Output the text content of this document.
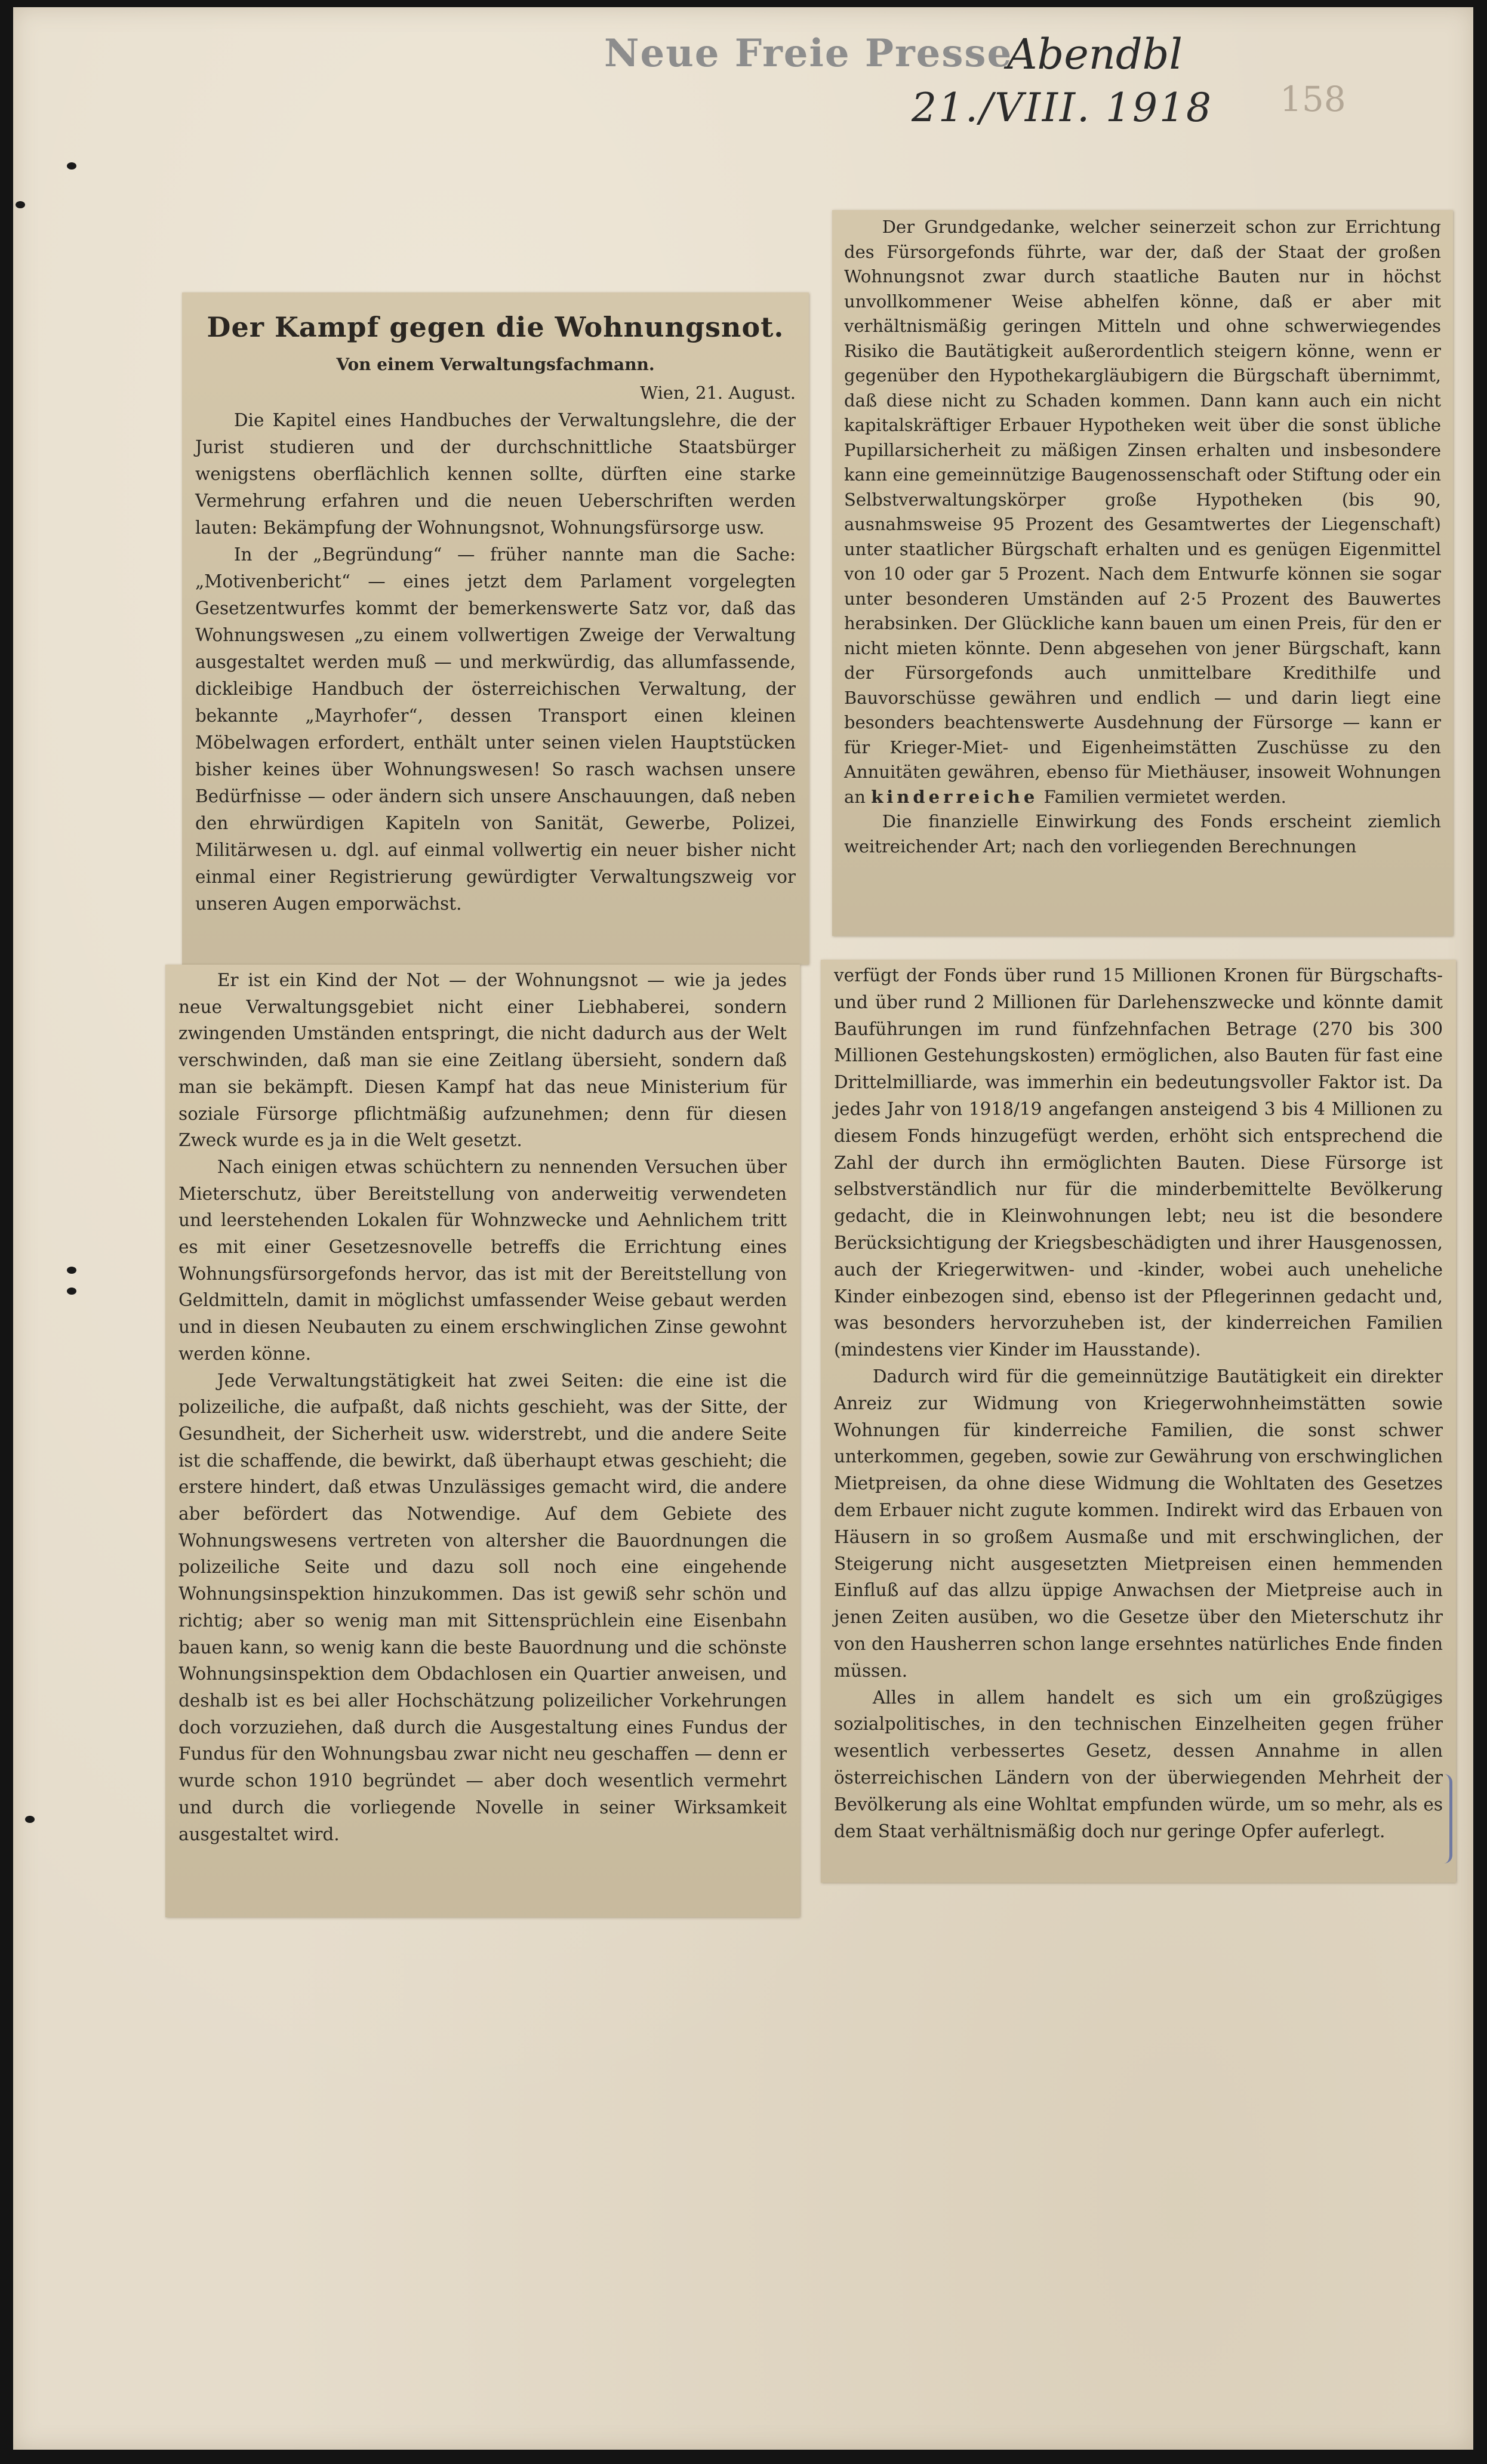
Neue Freie Presse
Abendbl
21./VIII. 1918 158
Der Kampf gegen die Wohnungsnot.
Von einem Verwaltungsfachmann.
Wien, 21. August.

Die Kapitel eines Handbuches der Verwaltungslehre, die der Jurist studieren und der durchschnittliche Staatsbürger wenigstens oberflächlich kennen sollte, dürften eine starke Vermehrung erfahren und die neuen Ueberschriften werden lauten: Bekämpfung der Wohnungsnot, Wohnungsfürsorge usw.

In der „Begründung“ — früher nannte man die Sache: „Motivenbericht“ — eines jetzt dem Parlament vorgelegten Gesetzentwurfes kommt der bemerkenswerte Satz vor, daß das Wohnungswesen „zu einem vollwertigen Zweige der Verwaltung ausgestaltet werden muß — und merkwürdig, das allumfassende, dickleibige Handbuch der österreichischen Verwaltung, der bekannte „Mayrhofer“, dessen Transport einen kleinen Möbelwagen erfordert, enthält unter seinen vielen Hauptstücken bisher keines über Wohnungswesen! So rasch wachsen unsere Bedürfnisse — oder ändern sich unsere Anschauungen, daß neben den ehrwürdigen Kapiteln von Sanität, Gewerbe, Polizei, Militärwesen u. dgl. auf einmal vollwertig ein neuer bisher nicht einmal einer Registrierung gewürdigter Verwaltungszweig vor unseren Augen emporwächst.

Er ist ein Kind der Not — der Wohnungsnot — wie ja jedes neue Verwaltungsgebiet nicht einer Liebhaberei, sondern zwingenden Umständen entspringt, die nicht dadurch aus der Welt verschwinden, daß man sie eine Zeitlang übersieht, sondern daß man sie bekämpft. Diesen Kampf hat das neue Ministerium für soziale Fürsorge pflichtmäßig aufzunehmen; denn für diesen Zweck wurde es ja in die Welt gesetzt.

Nach einigen etwas schüchtern zu nennenden Versuchen über Mieterschutz, über Bereitstellung von anderweitig verwendeten und leerstehenden Lokalen für Wohnzwecke und Aehnlichem tritt es mit einer Gesetzesnovelle betreffs die Errichtung eines Wohnungsfürsorgefonds hervor, das ist mit der Bereitstellung von Geldmitteln, damit in möglichst umfassender Weise gebaut werden und in diesen Neubauten zu einem erschwinglichen Zinse gewohnt werden könne.

Jede Verwaltungstätigkeit hat zwei Seiten: die eine ist die polizeiliche, die aufpaßt, daß nichts geschieht, was der Sitte, der Gesundheit, der Sicherheit usw. widerstrebt, und die andere Seite ist die schaffende, die bewirkt, daß überhaupt etwas geschieht; die erstere hindert, daß etwas Unzulässiges gemacht wird, die andere aber befördert das Notwendige. Auf dem Gebiete des Wohnungswesens vertreten von altersher die Bauordnungen die polizeiliche Seite und dazu soll noch eine eingehende Wohnungsinspektion hinzukommen. Das ist gewiß sehr schön und richtig; aber so wenig man mit Sittensprüchlein eine Eisenbahn bauen kann, so wenig kann die beste Bauordnung und die schönste Wohnungsinspektion dem Obdachlosen ein Quartier anweisen, und deshalb ist es bei aller Hochschätzung polizeilicher Vorkehrungen doch vorzuziehen, daß durch die Ausgestaltung eines Fundus der Fundus für den Wohnungsbau zwar nicht neu geschaffen — denn er wurde schon 1910 begründet — aber doch wesentlich vermehrt und durch die vorliegende Novelle in seiner Wirksamkeit ausgestaltet wird.

Der Grundgedanke, welcher seinerzeit schon zur Errichtung des Fürsorgefonds führte, war der, daß der Staat der großen Wohnungsnot zwar durch staatliche Bauten nur in höchst unvollkommener Weise abhelfen könne, daß er aber mit verhältnismäßig geringen Mitteln und ohne schwerwiegendes Risiko die Bautätigkeit außerordentlich steigern könne, wenn er gegenüber den Hypothekargläubigern die Bürgschaft übernimmt, daß diese nicht zu Schaden kommen. Dann kann auch ein nicht kapitalskräftiger Erbauer Hypotheken weit über die sonst übliche Pupillarsicherheit zu mäßigen Zinsen erhalten und insbesondere kann eine gemeinnützige Baugenossenschaft oder Stiftung oder ein Selbstverwaltungskörper große Hypotheken (bis 90, ausnahmsweise 95 Prozent des Gesamtwertes der Liegenschaft) unter staatlicher Bürgschaft erhalten und es genügen Eigenmittel von 10 oder gar 5 Prozent. Nach dem Entwurfe können sie sogar unter besonderen Umständen auf 2·5 Prozent des Bauwertes herabsinken. Der Glückliche kann bauen um einen Preis, für den er nicht mieten könnte. Denn abgesehen von jener Bürgschaft, kann der Fürsorgefonds auch unmittelbare Kredithilfe und Bauvorschüsse gewähren und endlich — und darin liegt eine besonders beachtenswerte Ausdehnung der Fürsorge — kann er für Krieger-Miet- und Eigenheimstätten Zuschüsse zu den Annuitäten gewähren, ebenso für Miethäuser, insoweit Wohnungen an kinderreiche Familien vermietet werden.

Die finanzielle Einwirkung des Fonds erscheint ziemlich weitreichender Art; nach den vorliegenden Berechnungen

verfügt der Fonds über rund 15 Millionen Kronen für Bürgschafts- und über rund 2 Millionen für Darlehenszwecke und könnte damit Bauführungen im rund fünfzehnfachen Betrage (270 bis 300 Millionen Gestehungskosten) ermöglichen, also Bauten für fast eine Drittelmilliarde, was immerhin ein bedeutungsvoller Faktor ist. Da jedes Jahr von 1918/19 angefangen ansteigend 3 bis 4 Millionen zu diesem Fonds hinzugefügt werden, erhöht sich entsprechend die Zahl der durch ihn ermöglichten Bauten. Diese Fürsorge ist selbstverständlich nur für die minderbemittelte Bevölkerung gedacht, die in Kleinwohnungen lebt; neu ist die besondere Berücksichtigung der Kriegsbeschädigten und ihrer Hausgenossen, auch der Kriegerwitwen- und -kinder, wobei auch uneheliche Kinder einbezogen sind, ebenso ist der Pflegerinnen gedacht und, was besonders hervorzuheben ist, der kinderreichen Familien (mindestens vier Kinder im Hausstande).

Dadurch wird für die gemeinnützige Bautätigkeit ein direkter Anreiz zur Widmung von Kriegerwohnheimstätten sowie Wohnungen für kinderreiche Familien, die sonst schwer unterkommen, gegeben, sowie zur Gewährung von erschwinglichen Mietpreisen, da ohne diese Widmung die Wohltaten des Gesetzes dem Erbauer nicht zugute kommen. Indirekt wird das Erbauen von Häusern in so großem Ausmaße und mit erschwinglichen, der Steigerung nicht ausgesetzten Mietpreisen einen hemmenden Einfluß auf das allzu üppige Anwachsen der Mietpreise auch in jenen Zeiten ausüben, wo die Gesetze über den Mieterschutz ihr von den Hausherren schon lange ersehntes natürliches Ende finden müssen.

Alles in allem handelt es sich um ein großzügiges sozialpolitisches, in den technischen Einzelheiten gegen früher wesentlich verbessertes Gesetz, dessen Annahme in allen österreichischen Ländern von der überwiegenden Mehrheit der Bevölkerung als eine Wohltat empfunden würde, um so mehr, als es dem Staat verhältnismäßig doch nur geringe Opfer auferlegt.
